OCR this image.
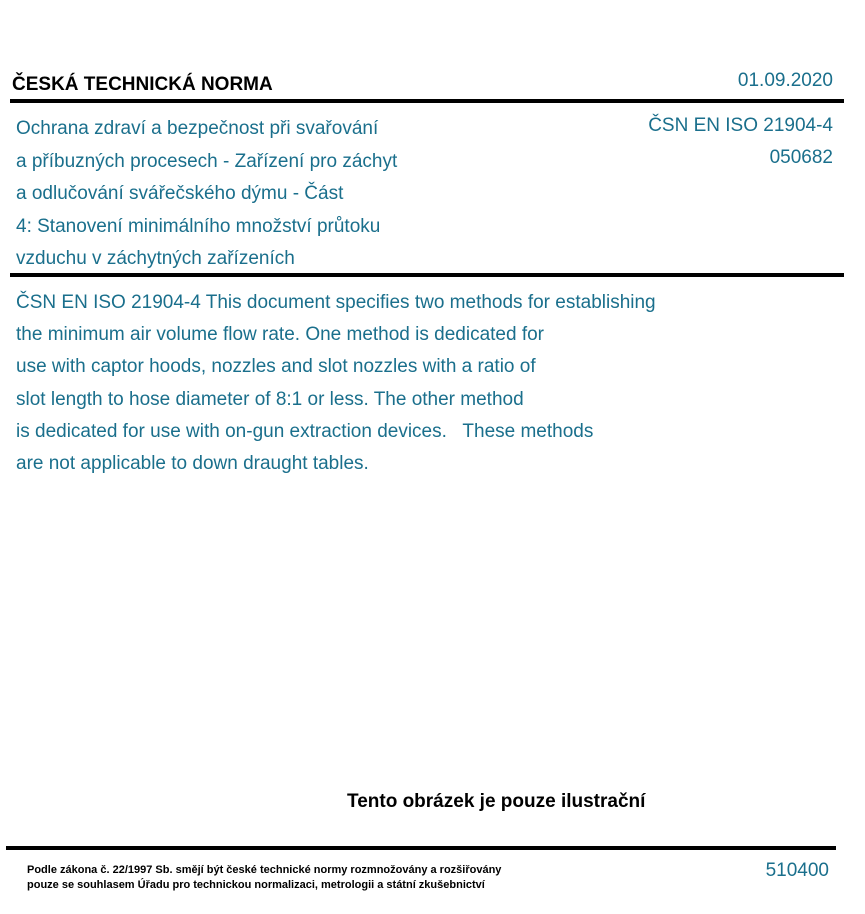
ČESKÁ TECHNICKÁ NORMA	01.09.2020
Ochrana zdraví a bezpečnost při svařování
a příbuzných procesech - Zařízení pro záchyt
a odlučování svářečského dýmu - Část
4: Stanovení minimálního množství průtoku
vzduchu v záchytných zařízeních
ČSN EN ISO 21904-4
050682
ČSN EN ISO 21904-4 This document specifies two methods for establishing
the minimum air volume flow rate. One method is dedicated for
use with captor hoods, nozzles and slot nozzles with a ratio of
slot length to hose diameter of 8:1 or less. The other method
is dedicated for use with on-gun extraction devices.   These methods
are not applicable to down draught tables.
Tento obrázek je pouze ilustrační
Podle zákona č. 22/1997 Sb. smějí být české technické normy rozmnožovány a rozšiřovány
pouze se souhlasem Úřadu pro technickou normalizaci, metrologii a státní zkušebnictví
510400
